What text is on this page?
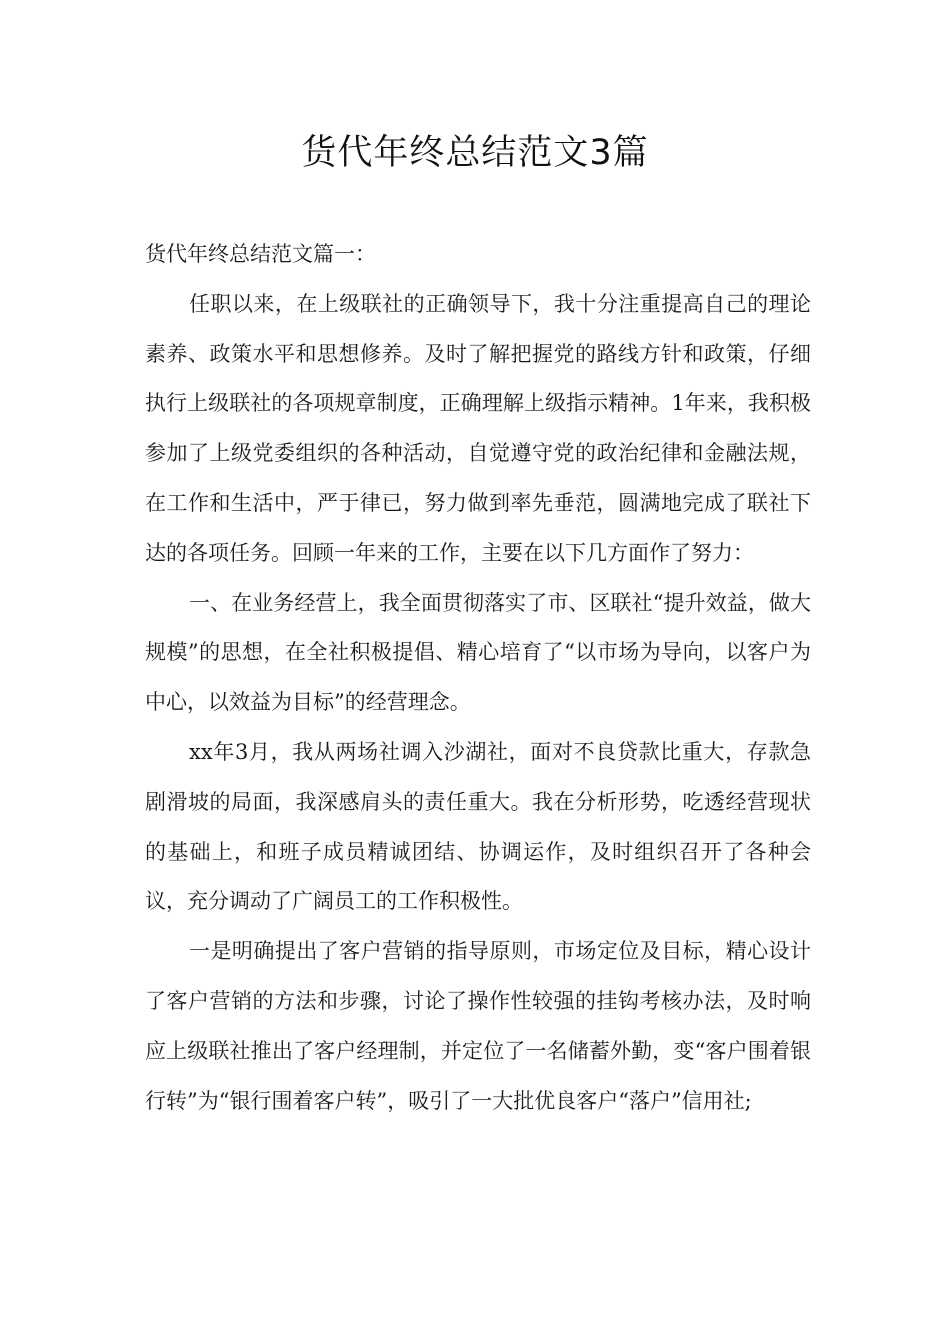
货代年终总结范文3篇

货代年终总结范文篇一：

任职以来，在上级联社的正确领导下，我十分注重提高自己的理论素养、政策水平和思想修养。及时了解把握党的路线方针和政策，仔细执行上级联社的各项规章制度，正确理解上级指示精神。1年来，我积极参加了上级党委组织的各种活动，自觉遵守党的政治纪律和金融法规，在工作和生活中，严于律已，努力做到率先垂范，圆满地完成了联社下达的各项任务。回顾一年来的工作，主要在以下几方面作了努力：

一、在业务经营上，我全面贯彻落实了市、区联社“提升效益，做大规模”的思想，在全社积极提倡、精心培育了“以市场为导向，以客户为中心，以效益为目标”的经营理念。

xx年3月，我从两场社调入沙湖社，面对不良贷款比重大，存款急剧滑坡的局面，我深感肩头的责任重大。我在分析形势，吃透经营现状的基础上，和班子成员精诚团结、协调运作，及时组织召开了各种会议，充分调动了广阔员工的工作积极性。

一是明确提出了客户营销的指导原则，市场定位及目标，精心设计了客户营销的方法和步骤，讨论了操作性较强的挂钩考核办法，及时响应上级联社推出了客户经理制，并定位了一名储蓄外勤，变“客户围着银行转”为“银行围着客户转”，吸引了一大批优良客户“落户”信用社;
